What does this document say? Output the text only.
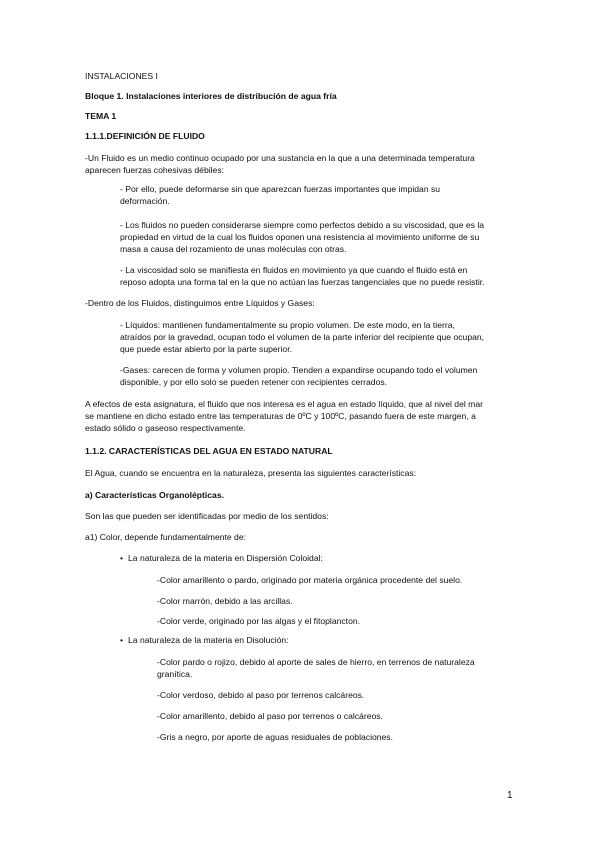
INSTALACIONES I
Bloque 1. Instalaciones interiores de distribución de agua fría
TEMA 1
1.1.1.DEFINICIÓN DE FLUIDO
-Un Fluido es un medio continuo ocupado por una sustancia en la que a una determinada temperatura
aparecen fuerzas cohesivas débiles:
- Por ello, puede deformarse sin que aparezcan fuerzas importantes que impidan su
deformación.
- Los fluidos no pueden considerarse siempre como perfectos debido a su viscosidad, que es la
propiedad en virtud de la cual los fluidos oponen una resistencia al movimiento uniforme de su
masa a causa del rozamiento de unas moléculas con otras.
- La viscosidad solo se manifiesta en fluidos en movimiento ya que cuando el fluido está en
reposo adopta una forma tal en la que no actúan las fuerzas tangenciales que no puede resistir.
-Dentro de los Fluidos, distinguimos entre Líquidos y Gases:
- Líquidos: mantienen fundamentalmente su propio volumen. De este modo, en la tierra,
atraídos por la gravedad, ocupan todo el volumen de la parte inferior del recipiente que ocupan,
que puede estar abierto por la parte superior.
-Gases: carecen de forma y volumen propio. Tienden a expandirse ocupando todo el volumen
disponible, y por ello solo se pueden retener con recipientes cerrados.
A efectos de esta asignatura, el fluido que nos interesa es el agua en estado líquido, que al nivel del mar
se mantiene en dicho estado entre las temperaturas de 0ºC y 100ºC, pasando fuera de este margen, a
estado sólido o gaseoso respectivamente.
1.1.2. CARACTERÍSTICAS DEL AGUA EN ESTADO NATURAL
El Agua, cuando se encuentra en la naturaleza, presenta las siguientes características:
a) Características Organolépticas.
Son las que pueden ser identificadas por medio de los sentidos:
a1) Color, depende fundamentalmente de:
• La naturaleza de la materia en Dispersión Coloidal:
-Color amarillento o pardo, originado por materia orgánica procedente del suelo.
-Color marrón, debido a las arcillas.
-Color verde, originado por las algas y el fitoplancton.
• La naturaleza de la materia en Disolución:
-Color pardo o rojizo, debido al aporte de sales de hierro, en terrenos de naturaleza
granítica.
-Color verdoso, debido al paso por terrenos calcáreos.
-Color amarillento, debido al paso por terrenos o calcáreos.
-Gris a negro, por aporte de aguas residuales de poblaciones.
1
